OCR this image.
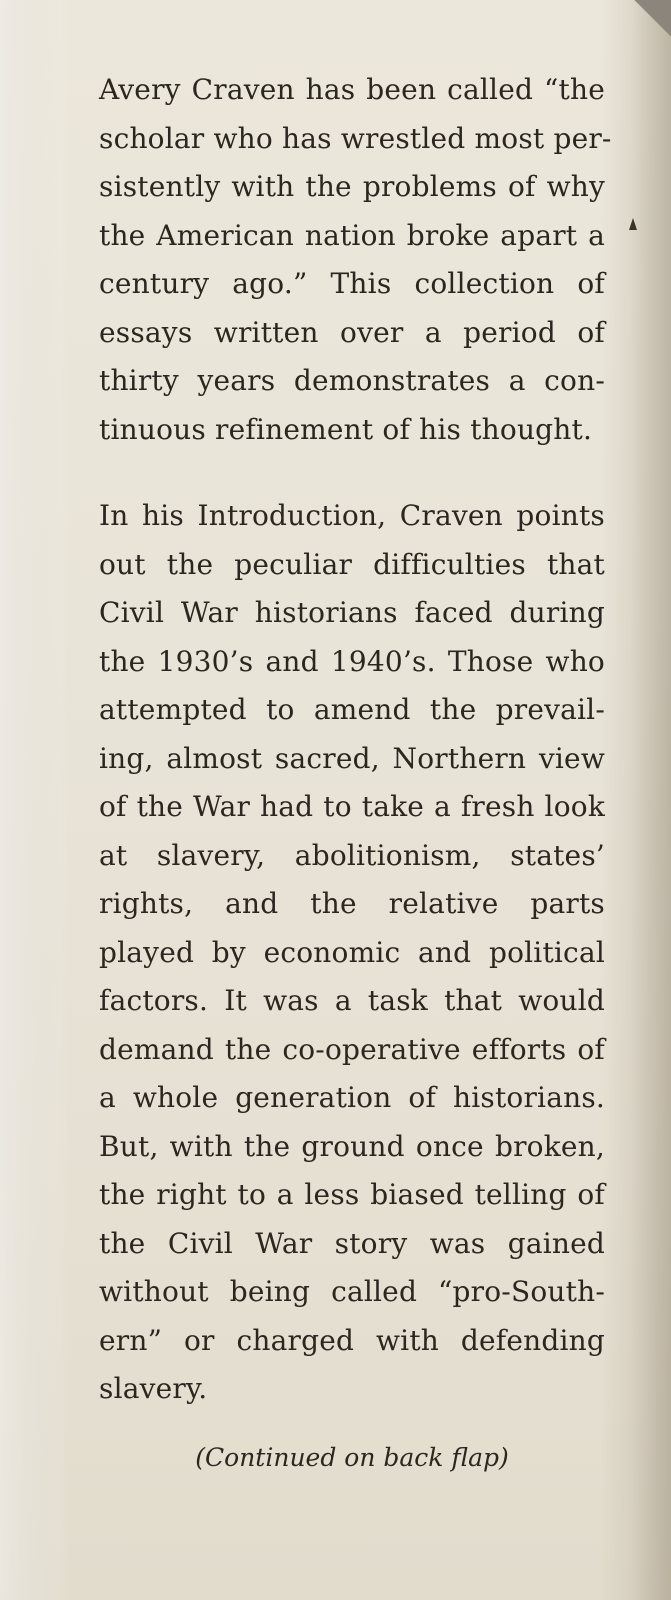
Avery Craven has been called “the
scholar who has wrestled most per-
sistently with the problems of why
the American nation broke apart a
century ago.” This collection of
essays written over a period of
thirty years demonstrates a con-
tinuous refinement of his thought.

In his Introduction, Craven points
out the peculiar difficulties that
Civil War historians faced during
the 1930’s and 1940’s. Those who
attempted to amend the prevail-
ing, almost sacred, Northern view
of the War had to take a fresh look
at slavery, abolitionism, states’
rights, and the relative parts
played by economic and political
factors. It was a task that would
demand the co-operative efforts of
a whole generation of historians.
But, with the ground once broken,
the right to a less biased telling of
the Civil War story was gained
without being called “pro-South-
ern” or charged with defending
slavery.

(Continued on back flap)
